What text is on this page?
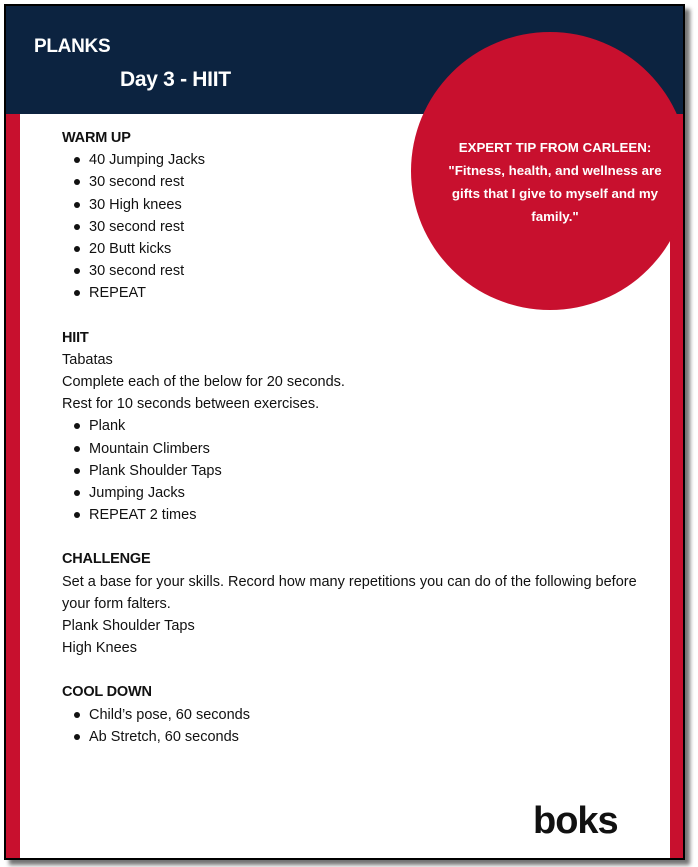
PLANKS
Day 3 - HIIT
EXPERT TIP FROM CARLEEN:
"Fitness, health, and wellness are gifts that I give to myself and my family."
WARM UP
40 Jumping Jacks
30 second rest
30 High knees
30 second rest
20 Butt kicks
30 second rest
REPEAT
HIIT

Tabatas

Complete each of the below for 20 seconds.

Rest for 10 seconds between exercises.

Plank
Mountain Climbers
Plank Shoulder Taps
Jumping Jacks
REPEAT 2 times
CHALLENGE

Set a base for your skills. Record how many repetitions you can do of the following before your form falters.

Plank Shoulder Taps

High Knees

COOL DOWN
Child’s pose, 60 seconds
Ab Stretch, 60 seconds
boks
